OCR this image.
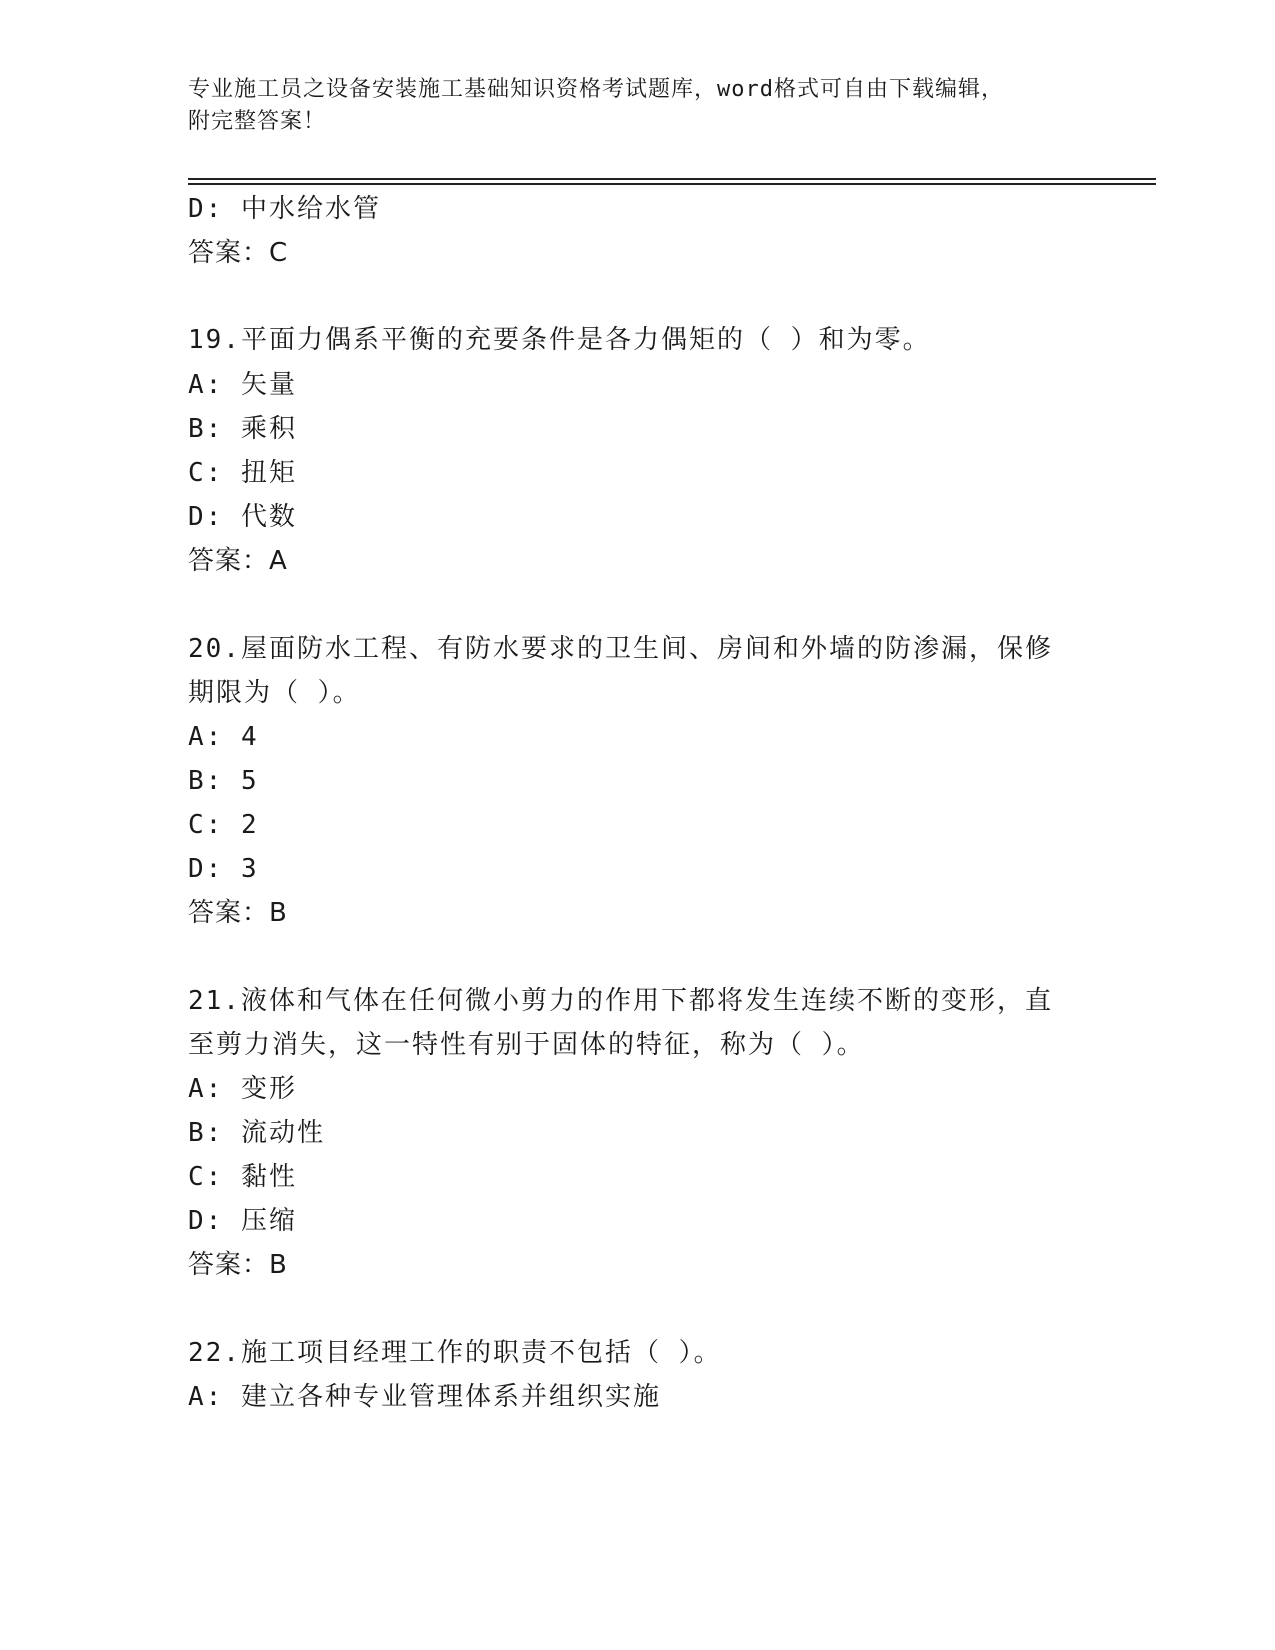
专业施工员之设备安装施工基础知识资格考试题库，word格式可自由下载编辑，
附完整答案！
D: 中水给水管
答案：C
19.平面力偶系平衡的充要条件是各力偶矩的（ ）和为零。
A: 矢量
B: 乘积
C: 扭矩
D: 代数
答案：A
20.屋面防水工程、有防水要求的卫生间、房间和外墙的防渗漏，保修
期限为（ ）。
A: 4
B: 5
C: 2
D: 3
答案：B
21.液体和气体在任何微小剪力的作用下都将发生连续不断的变形，直
至剪力消失，这一特性有别于固体的特征，称为（ ）。
A: 变形
B: 流动性
C: 黏性
D: 压缩
答案：B
22.施工项目经理工作的职责不包括（ ）。
A: 建立各种专业管理体系并组织实施
